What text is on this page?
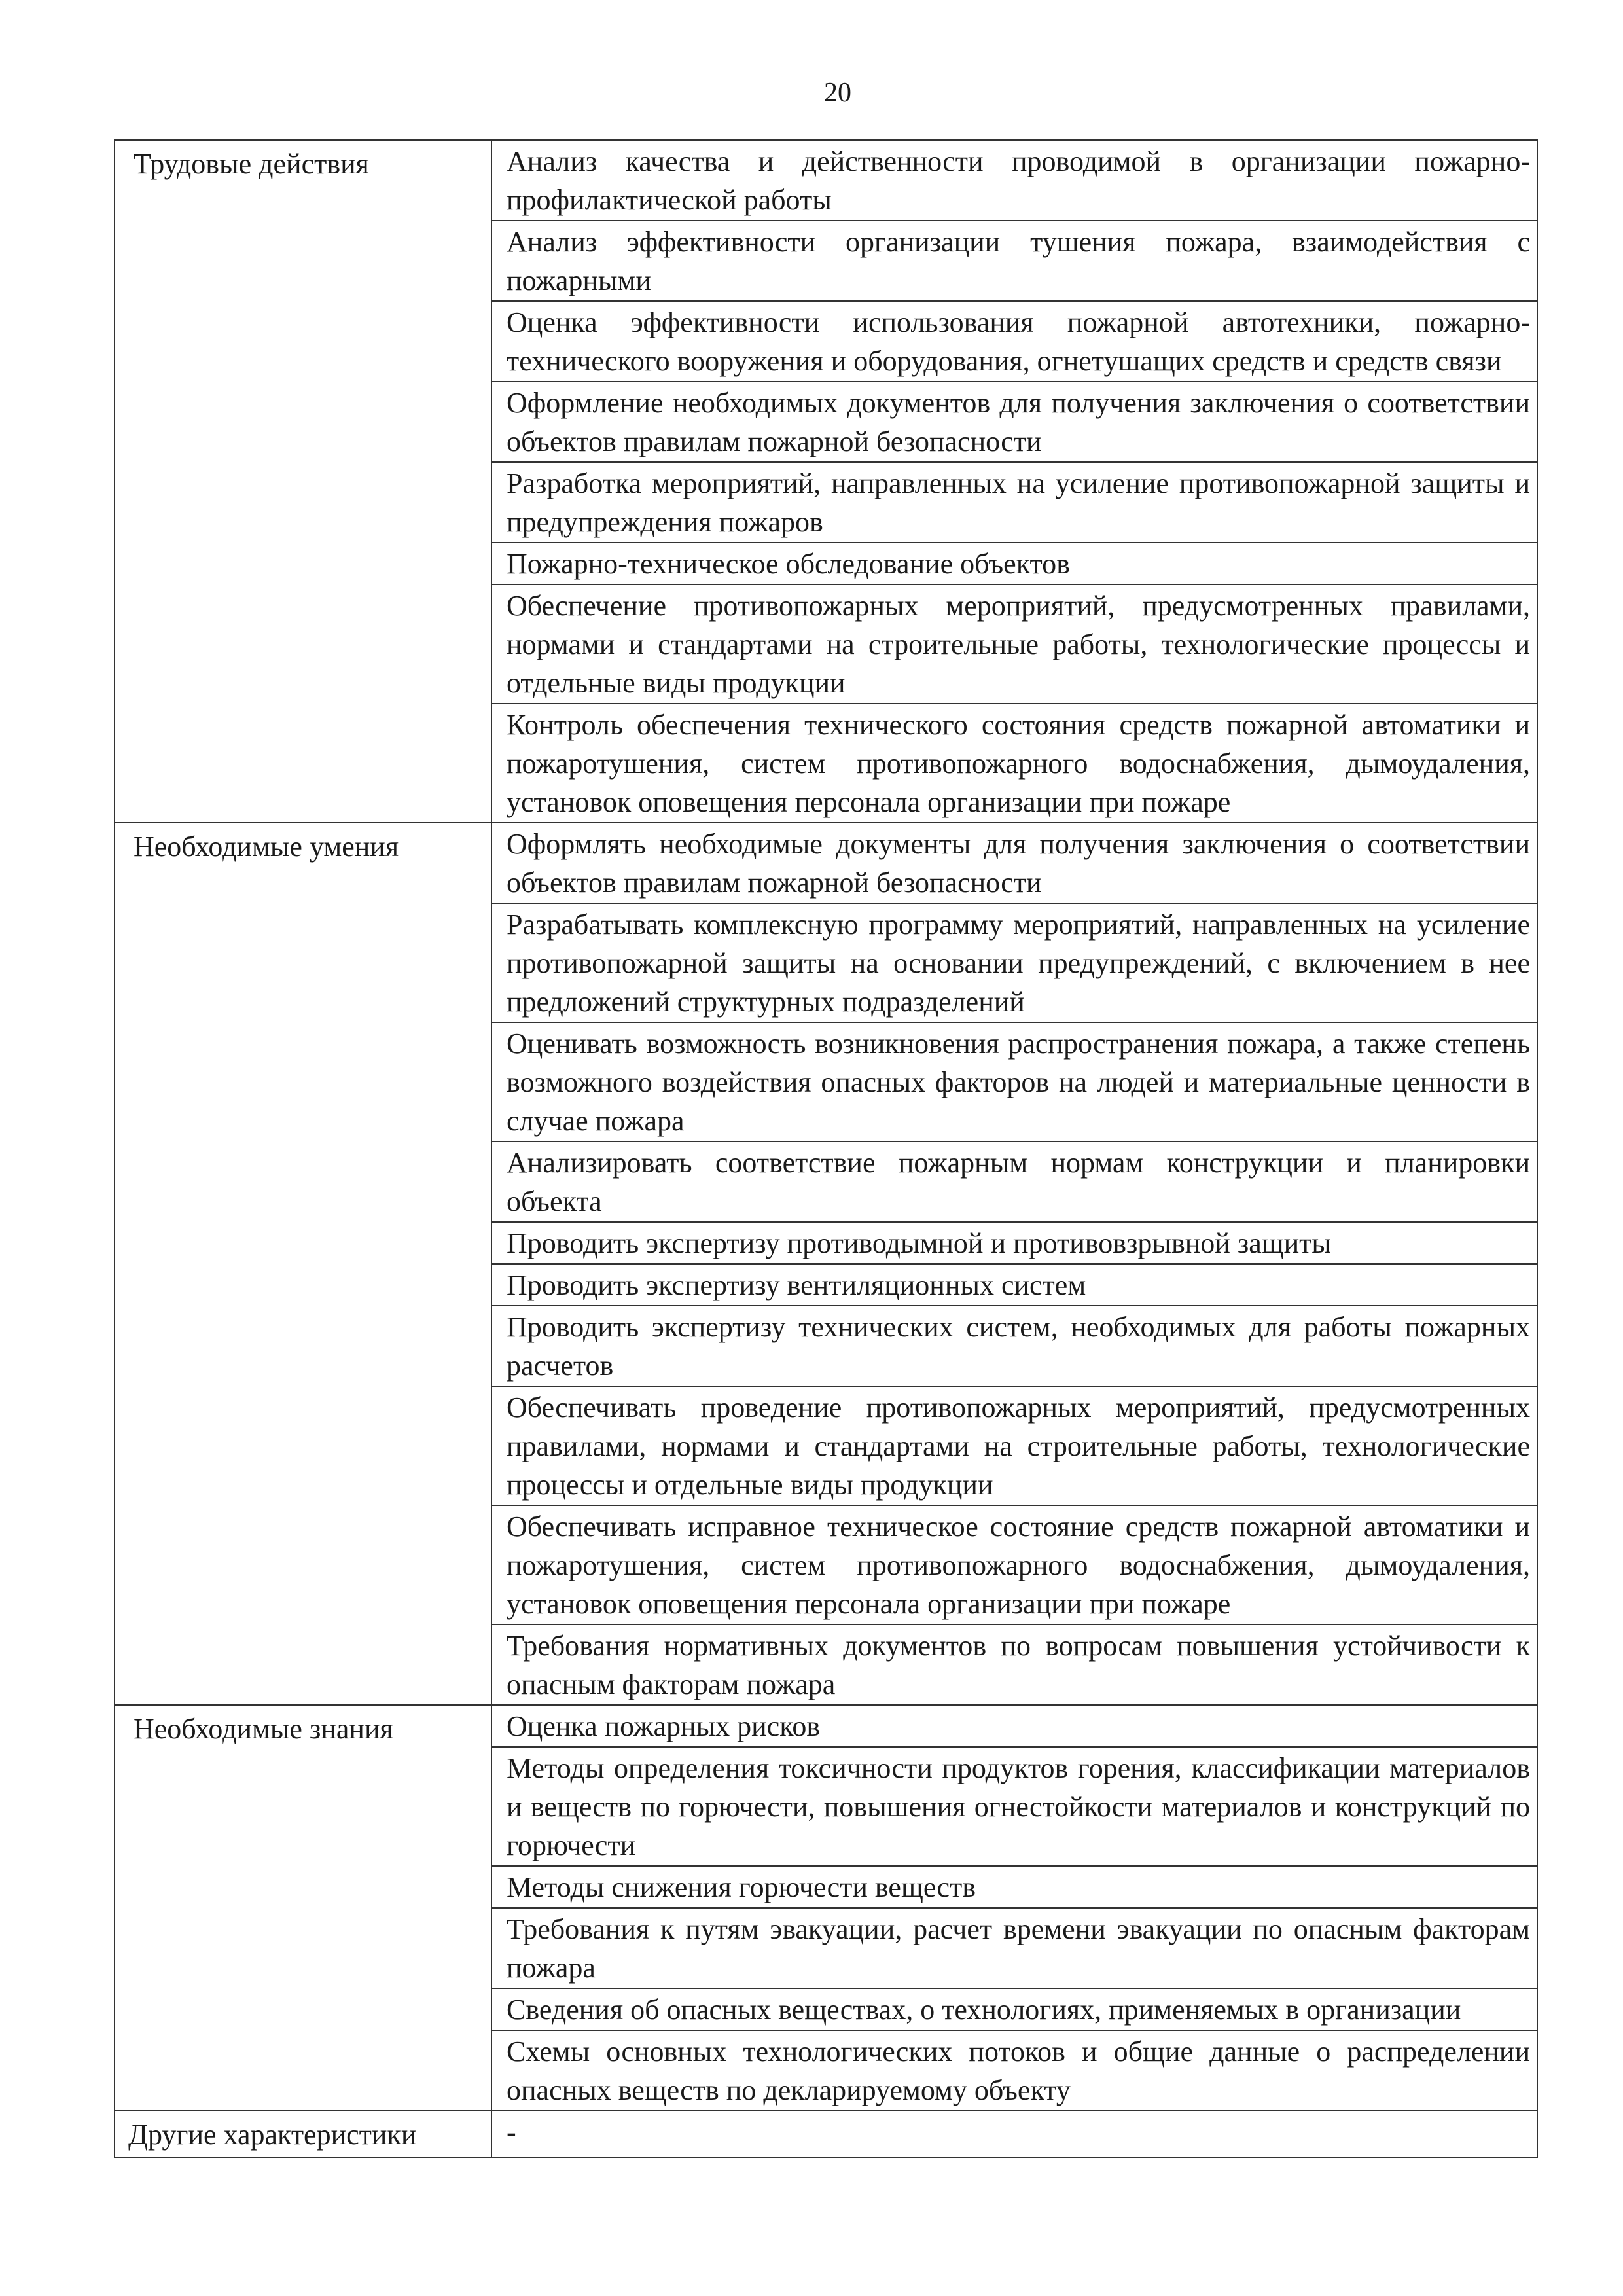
20
Трудовые действия	Анализ качества и действенности проводимой в организации пожарно-профилактической работы
	Анализ эффективности организации тушения пожара, взаимодействия с пожарными
	Оценка эффективности использования пожарной автотехники, пожарно-технического вооружения и оборудования, огнетушащих средств и средств связи
	Оформление необходимых документов для получения заключения о соответствии объектов правилам пожарной безопасности
	Разработка мероприятий, направленных на усиление противопожарной защиты и предупреждения пожаров
	Пожарно-техническое обследование объектов
	Обеспечение противопожарных мероприятий, предусмотренных правилами, нормами и стандартами на строительные работы, технологические процессы и отдельные виды продукции
	Контроль обеспечения технического состояния средств пожарной автоматики и пожаротушения, систем противопожарного водоснабжения, дымоудаления, установок оповещения персонала организации при пожаре
Необходимые умения	Оформлять необходимые документы для получения заключения о соответствии объектов правилам пожарной безопасности
	Разрабатывать комплексную программу мероприятий, направленных на усиление противопожарной защиты на основании предупреждений, с включением в нее предложений структурных подразделений
	Оценивать возможность возникновения распространения пожара, а также степень возможного воздействия опасных факторов на людей и материальные ценности в случае пожара
	Анализировать соответствие пожарным нормам конструкции и планировки объекта
	Проводить экспертизу противодымной и противовзрывной защиты
	Проводить экспертизу вентиляционных систем
	Проводить экспертизу технических систем, необходимых для работы пожарных расчетов
	Обеспечивать проведение противопожарных мероприятий, предусмотренных правилами, нормами и стандартами на строительные работы, технологические процессы и отдельные виды продукции
	Обеспечивать исправное техническое состояние средств пожарной автоматики и пожаротушения, систем противопожарного водоснабжения, дымоудаления, установок оповещения персонала организации при пожаре
	Требования нормативных документов по вопросам повышения устойчивости к опасным факторам пожара
Необходимые знания	Оценка пожарных рисков
	Методы определения токсичности продуктов горения, классификации материалов и веществ по горючести, повышения огнестойкости материалов и конструкций по горючести
	Методы снижения горючести веществ
	Требования к путям эвакуации, расчет времени эвакуации по опасным факторам пожара
	Сведения об опасных веществах, о технологиях, применяемых в организации
	Схемы основных технологических потоков и общие данные о распределении опасных веществ по декларируемому объекту
Другие характеристики	-
